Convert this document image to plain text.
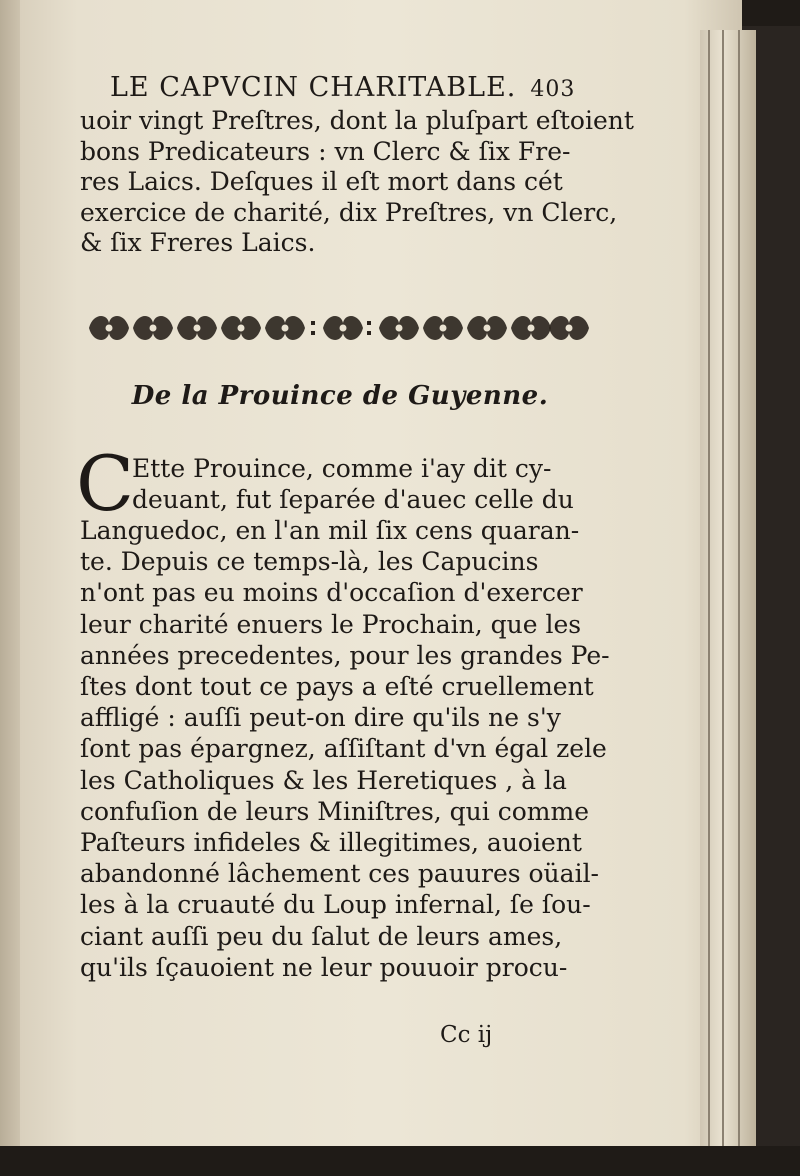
LE CAPVCIN CHARITABLE. 403

uoir vingt Preſtres, dont la pluſpart eſtoient
bons Predicateurs : vn Clerc & ſix Fre-
res Laics. Deſques il eſt mort dans cét
exercice de charité, dix Preſtres, vn Clerc,
& ſix Freres Laics.

De la Prouince de Guyenne.
C
Ette Prouince, comme i'ay dit cy-
deuant, fut ſeparée d'auec celle du
Languedoc, en l'an mil ſix cens quaran-
te. Depuis ce temps-là, les Capucins
n'ont pas eu moins d'occaſion d'exercer
leur charité enuers le Prochain, que les
années precedentes, pour les grandes Pe-
ſtes dont tout ce pays a eſté cruellement
affligé : auſſi peut-on dire qu'ils ne s'y
ſont pas épargnez, aſſiſtant d'vn égal zele
les Catholiques & les Heretiques , à la
confuſion de leurs Miniſtres, qui comme
Paſteurs infideles & illegitimes, auoient
abandonné lâchement ces pauures oüail-
les à la cruauté du Loup infernal, ſe ſou-
ciant auſſi peu du ſalut de leurs ames,
qu'ils ſçauoient ne leur pouuoir procu-
Cc ij
